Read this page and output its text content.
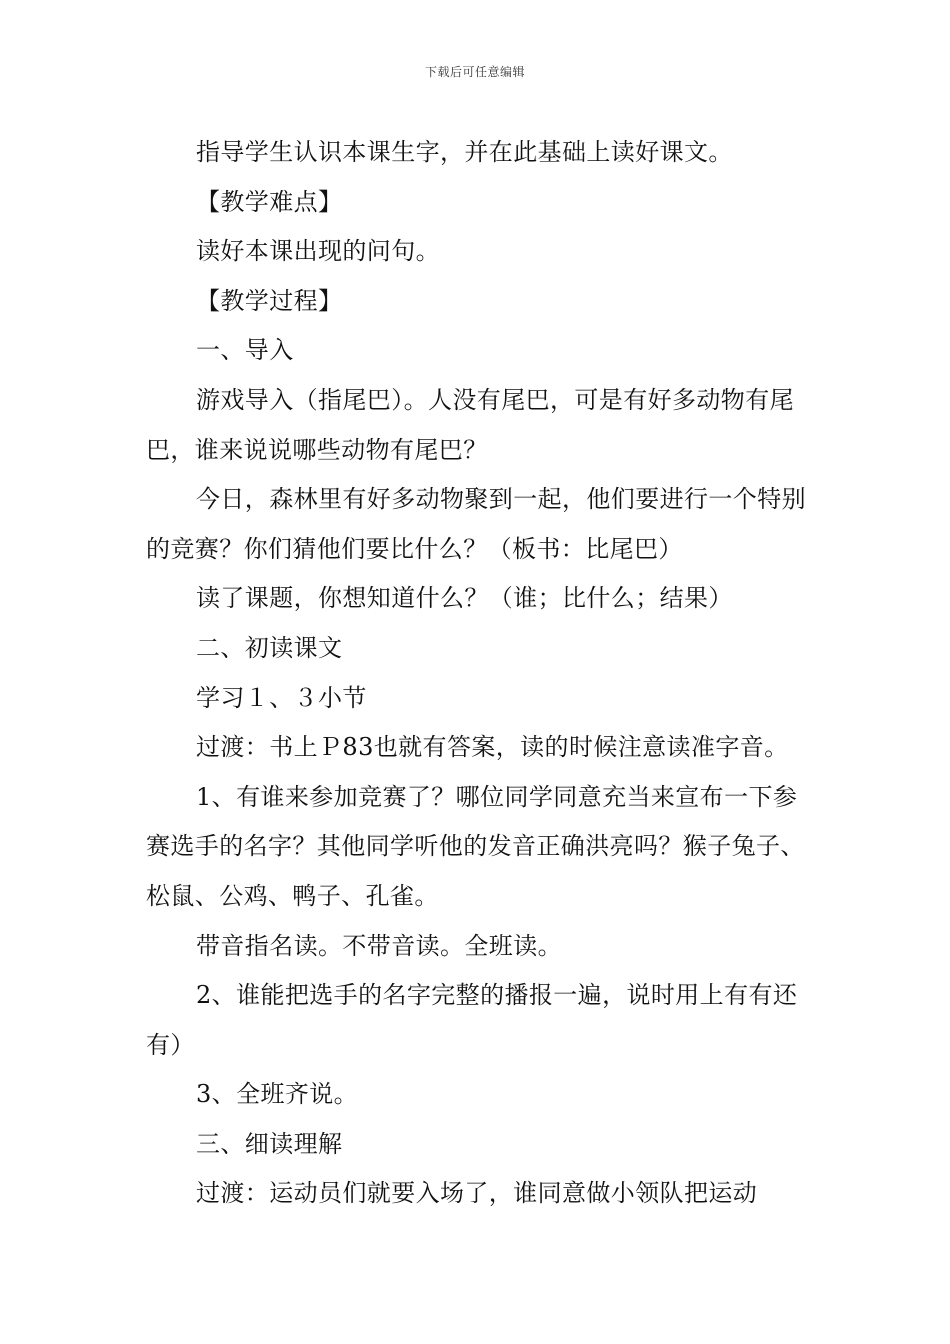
下载后可任意编辑

指导学生认识本课生字，并在此基础上读好课文。

【教学难点】

读好本课出现的问句。

【教学过程】

一、导入

游戏导入（指尾巴）。人没有尾巴，可是有好多动物有尾巴，谁来说说哪些动物有尾巴？

今日，森林里有好多动物聚到一起，他们要进行一个特别的竞赛？你们猜他们要比什么？（板书：比尾巴）

读了课题，你想知道什么？（谁；比什么；结果）

二、初读课文

学习１、３小节

过渡：书上Ｐ83也就有答案，读的时候注意读准字音。

1、有谁来参加竞赛了？哪位同学同意充当来宣布一下参赛选手的名字？其他同学听他的发音正确洪亮吗？猴子兔子、松鼠、公鸡、鸭子、孔雀。

带音指名读。不带音读。全班读。

2、谁能把选手的名字完整的播报一遍，说时用上有有还有）

3、全班齐说。

三、细读理解

过渡：运动员们就要入场了，谁同意做小领队把运动
